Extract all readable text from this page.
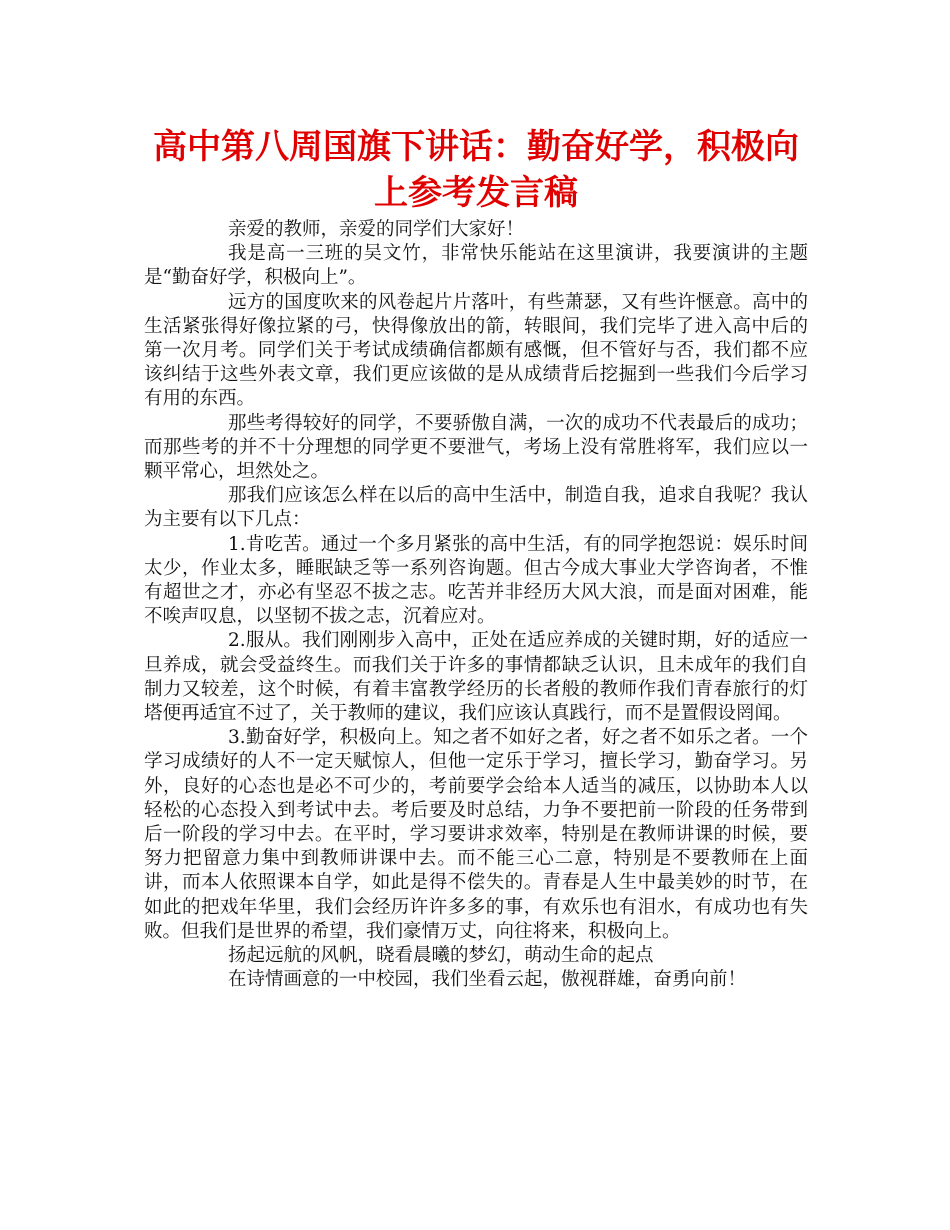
高中第八周国旗下讲话：勤奋好学，积极向上参考发言稿

亲爱的教师，亲爱的同学们大家好！

我是高一三班的吴文竹，非常快乐能站在这里演讲，我要演讲的主题是“勤奋好学，积极向上”。

远方的国度吹来的风卷起片片落叶，有些萧瑟，又有些许惬意。高中的生活紧张得好像拉紧的弓，快得像放出的箭，转眼间，我们完毕了进入高中后的第一次月考。同学们关于考试成绩确信都颇有感慨，但不管好与否，我们都不应该纠结于这些外表文章，我们更应该做的是从成绩背后挖掘到一些我们今后学习有用的东西。

那些考得较好的同学，不要骄傲自满，一次的成功不代表最后的成功；而那些考的并不十分理想的同学更不要泄气，考场上没有常胜将军，我们应以一颗平常心，坦然处之。

那我们应该怎么样在以后的高中生活中，制造自我，追求自我呢？我认为主要有以下几点：

1.肯吃苦。通过一个多月紧张的高中生活，有的同学抱怨说：娱乐时间太少，作业太多，睡眠缺乏等一系列咨询题。但古今成大事业大学咨询者，不惟有超世之才，亦必有坚忍不拔之志。吃苦并非经历大风大浪，而是面对困难，能不唉声叹息，以坚韧不拔之志，沉着应对。

2.服从。我们刚刚步入高中，正处在适应养成的关键时期，好的适应一旦养成，就会受益终生。而我们关于许多的事情都缺乏认识，且未成年的我们自制力又较差，这个时候，有着丰富教学经历的长者般的教师作我们青春旅行的灯塔便再适宜不过了，关于教师的建议，我们应该认真践行，而不是置假设罔闻。

3.勤奋好学，积极向上。知之者不如好之者，好之者不如乐之者。一个学习成绩好的人不一定天赋惊人，但他一定乐于学习，擅长学习，勤奋学习。另外，良好的心态也是必不可少的，考前要学会给本人适当的减压，以协助本人以轻松的心态投入到考试中去。考后要及时总结，力争不要把前一阶段的任务带到后一阶段的学习中去。在平时，学习要讲求效率，特别是在教师讲课的时候，要努力把留意力集中到教师讲课中去。而不能三心二意，特别是不要教师在上面讲，而本人依照课本自学，如此是得不偿失的。青春是人生中最美妙的时节，在如此的把戏年华里，我们会经历许许多多的事，有欢乐也有泪水，有成功也有失败。但我们是世界的希望，我们豪情万丈，向往将来，积极向上。

扬起远航的风帆，晓看晨曦的梦幻，萌动生命的起点

在诗情画意的一中校园，我们坐看云起，傲视群雄，奋勇向前！
